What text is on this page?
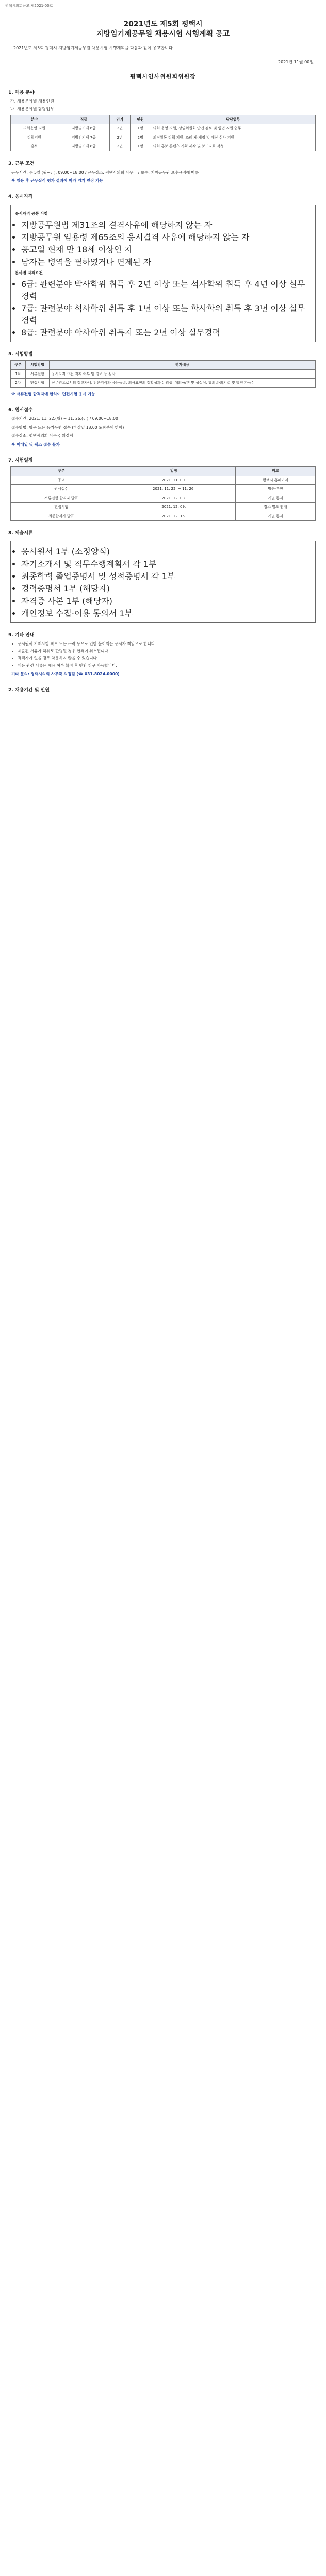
평택시의회공고 제2021-00호
2021년도 제5회 평택시
지방임기제공무원 채용시험 시행계획 공고

2021년도 제5회 평택시 지방임기제공무원 채용시험 시행계획을 다음과 같이 공고합니다.

2021년 11월 00일
평택시인사위원회위원장
1. 채용 분야
가. 채용분야별 채용인원
나. 채용분야별 담당업무
분야	직급	임기	인원	담당업무
의회운영 지원	지방임기제 6급	2년	1명	의회 운영 지원, 상임위원회 안건 검토 및 입법 지원 업무
정책지원	지방임기제 7급	2년	2명	의정활동 정책 지원, 조례 제·개정 및 예산 심사 지원
홍보	지방임기제 8급	2년	1명	의회 홍보 콘텐츠 기획·제작 및 보도자료 작성
3. 근무 조건

근무시간: 주 5일 (월~금), 09:00~18:00 / 근무장소: 평택시의회 사무국 / 보수: 지방공무원 보수규정에 따름

※ 임용 후 근무실적 평가 결과에 따라 임기 연장 가능

4. 응시자격

응시자격 공통 사항

• 지방공무원법 제31조의 결격사유에 해당하지 않는 자
• 지방공무원 임용령 제65조의 응시결격 사유에 해당하지 않는 자
• 공고일 현재 만 18세 이상인 자
• 남자는 병역을 필하였거나 면제된 자

분야별 자격요건

• 6급: 관련분야 박사학위 취득 후 2년 이상 또는 석사학위 취득 후 4년 이상 실무경력
• 7급: 관련분야 석사학위 취득 후 1년 이상 또는 학사학위 취득 후 3년 이상 실무경력
• 8급: 관련분야 학사학위 취득자 또는 2년 이상 실무경력
5. 시험방법
구분	시험방법	평가내용
1차	서류전형	응시자격 요건 적격 여부 및 경력 등 심사
2차	면접시험	공무원으로서의 정신자세, 전문지식과 응용능력, 의사표현의 정확성과 논리성, 예의·품행 및 성실성, 창의력·의지력 및 발전 가능성

※ 서류전형 합격자에 한하여 면접시험 응시 가능

6. 원서접수

접수기간: 2021. 11. 22.(월) ~ 11. 26.(금) / 09:00~18:00

접수방법: 방문 또는 등기우편 접수 (마감일 18:00 도착분에 한함)

접수장소: 평택시의회 사무국 의정팀

※ 이메일 및 팩스 접수 불가

7. 시험일정
구분	일정	비고
공고	2021. 11. 00.	평택시 홈페이지
원서접수	2021. 11. 22. ~ 11. 26.	방문·우편
서류전형 합격자 발표	2021. 12. 03.	개별 통지
면접시험	2021. 12. 09.	장소 별도 안내
최종합격자 발표	2021. 12. 15.	개별 통지
8. 제출서류
• 응시원서 1부 (소정양식)
• 자기소개서 및 직무수행계획서 각 1부
• 최종학력 졸업증명서 및 성적증명서 각 1부
• 경력증명서 1부 (해당자)
• 자격증 사본 1부 (해당자)
• 개인정보 수집·이용 동의서 1부
9. 기타 안내
• 응시원서 기재사항 착오 또는 누락 등으로 인한 불이익은 응시자 책임으로 합니다.
• 제출된 서류가 허위로 판명될 경우 합격이 취소됩니다.
• 적격자가 없을 경우 채용하지 않을 수 있습니다.
• 채용 관련 서류는 채용 여부 확정 후 반환 청구 가능합니다.

기타 문의: 평택시의회 사무국 의정팀 (☎ 031-8024-0000)

2. 채용기간 및 인원
